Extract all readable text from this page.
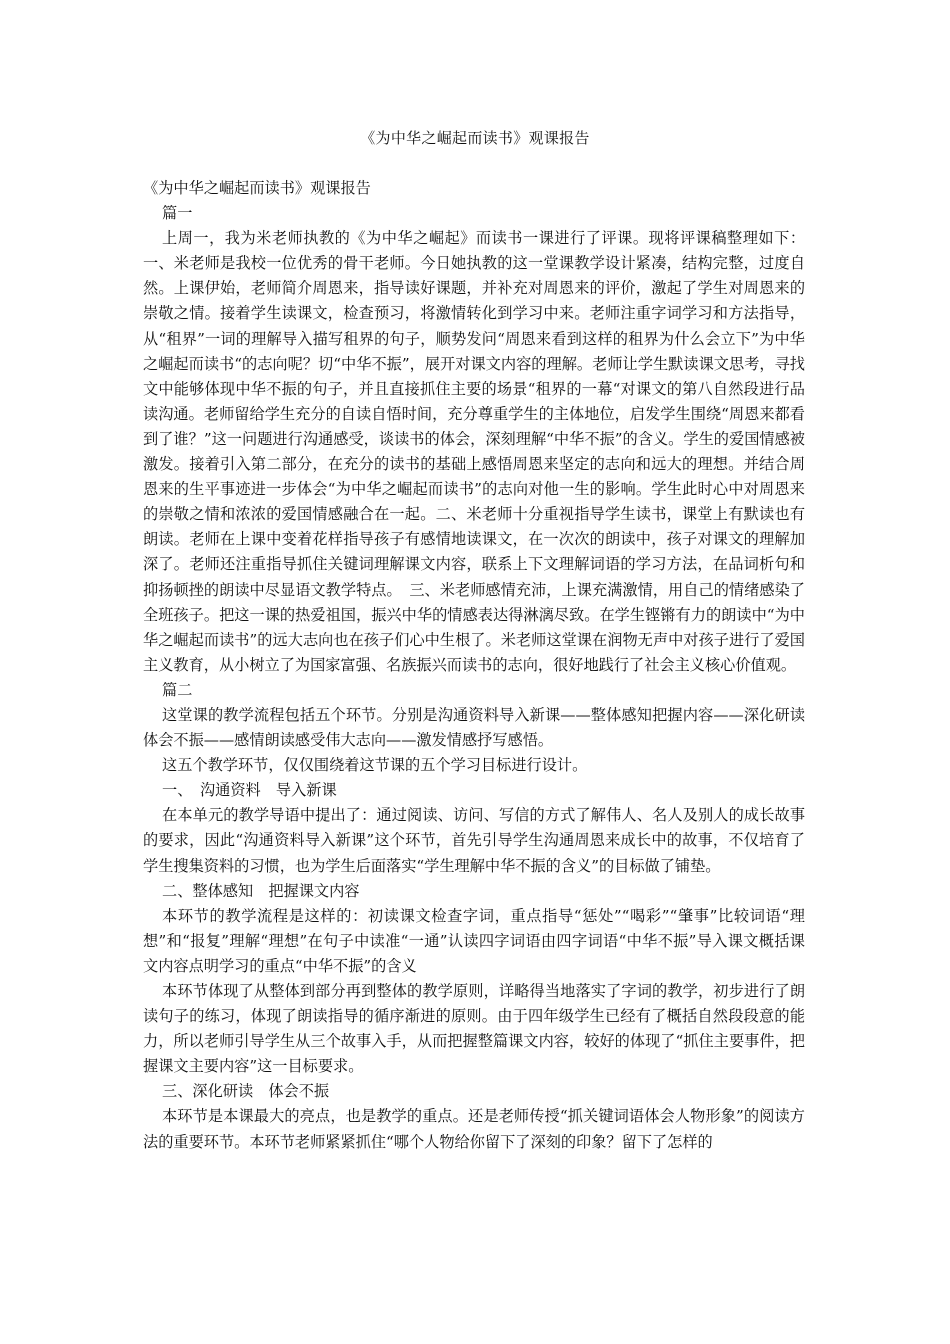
《为中华之崛起而读书》观课报告

《为中华之崛起而读书》观课报告

篇一

上周一，我为米老师执教的《为中华之崛起》而读书一课进行了评课。现将评课稿整理如下：一、米老师是我校一位优秀的骨干老师。今日她执教的这一堂课教学设计紧凑，结构完整，过度自然。上课伊始，老师简介周恩来，指导读好课题，并补充对周恩来的评价，激起了学生对周恩来的崇敬之情。接着学生读课文，检查预习，将激情转化到学习中来。老师注重字词学习和方法指导，从“租界”一词的理解导入描写租界的句子，顺势发问“周恩来看到这样的租界为什么会立下”为中华之崛起而读书“的志向呢？切“中华不振”，展开对课文内容的理解。老师让学生默读课文思考，寻找文中能够体现中华不振的句子，并且直接抓住主要的场景“租界的一幕“对课文的第八自然段进行品读沟通。老师留给学生充分的自读自悟时间，充分尊重学生的主体地位，启发学生围绕“周恩来都看到了谁？”这一问题进行沟通感受，谈读书的体会，深刻理解“中华不振”的含义。学生的爱国情感被激发。接着引入第二部分，在充分的读书的基础上感悟周恩来坚定的志向和远大的理想。并结合周恩来的生平事迹进一步体会“为中华之崛起而读书”的志向对他一生的影响。学生此时心中对周恩来的崇敬之情和浓浓的爱国情感融合在一起。二、米老师十分重视指导学生读书，课堂上有默读也有朗读。老师在上课中变着花样指导孩子有感情地读课文，在一次次的朗读中，孩子对课文的理解加深了。老师还注重指导抓住关键词理解课文内容，联系上下文理解词语的学习方法，在品词析句和抑扬顿挫的朗读中尽显语文教学特点。　三、米老师感情充沛，上课充满激情，用自己的情绪感染了全班孩子。把这一课的热爱祖国，振兴中华的情感表达得淋漓尽致。在学生铿锵有力的朗读中“为中华之崛起而读书”的远大志向也在孩子们心中生根了。米老师这堂课在润物无声中对孩子进行了爱国主义教育，从小树立了为国家富强、名族振兴而读书的志向，很好地践行了社会主义核心价值观。

篇二

这堂课的教学流程包括五个环节。分别是沟通资料导入新课——整体感知把握内容——深化研读体会不振——感情朗读感受伟大志向——激发情感抒写感悟。

这五个教学环节，仅仅围绕着这节课的五个学习目标进行设计。

一、　沟通资料　导入新课

在本单元的教学导语中提出了：通过阅读、访问、写信的方式了解伟人、名人及别人的成长故事的要求，因此“沟通资料导入新课”这个环节，首先引导学生沟通周恩来成长中的故事，不仅培育了学生搜集资料的习惯，也为学生后面落实“学生理解中华不振的含义”的目标做了铺垫。

二、整体感知　把握课文内容

本环节的教学流程是这样的：初读课文检查字词，重点指导“惩处”“喝彩”“肇事”比较词语“理想”和“报复”理解“理想”在句子中读准“一通”认读四字词语由四字词语“中华不振”导入课文概括课文内容点明学习的重点“中华不振”的含义

本环节体现了从整体到部分再到整体的教学原则，详略得当地落实了字词的教学，初步进行了朗读句子的练习，体现了朗读指导的循序渐进的原则。由于四年级学生已经有了概括自然段段意的能力，所以老师引导学生从三个故事入手，从而把握整篇课文内容，较好的体现了“抓住主要事件，把握课文主要内容”这一目标要求。

三、深化研读　体会不振

本环节是本课最大的亮点，也是教学的重点。还是老师传授“抓关键词语体会人物形象”的阅读方法的重要环节。本环节老师紧紧抓住“哪个人物给你留下了深刻的印象？留下了怎样的
